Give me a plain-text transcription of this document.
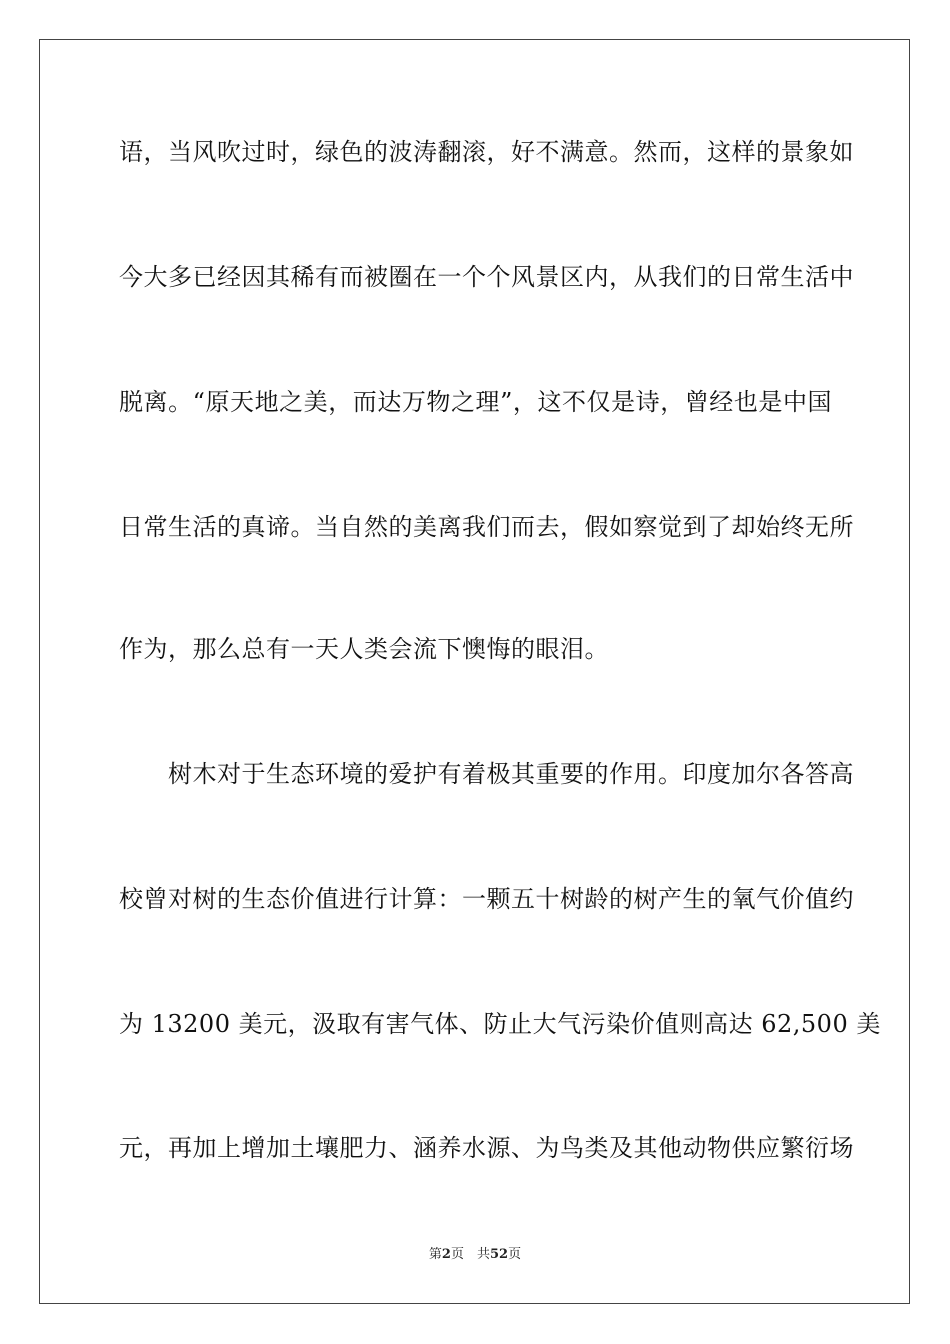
语，当风吹过时，绿色的波涛翻滚，好不满意。然而，这样的景象如
今大多已经因其稀有而被圈在一个个风景区内，从我们的日常生活中
脱离。“原天地之美，而达万物之理”，这不仅是诗，曾经也是中国
日常生活的真谛。当自然的美离我们而去，假如察觉到了却始终无所
作为，那么总有一天人类会流下懊悔的眼泪。
　　树木对于生态环境的爱护有着极其重要的作用。印度加尔各答高
校曾对树的生态价值进行计算：一颗五十树龄的树产生的氧气价值约
为 13200 美元，汲取有害气体、防止大气污染价值则高达 62,500 美
元，再加上增加土壤肥力、涵养水源、为鸟类及其他动物供应繁衍场
第2页　共52页
